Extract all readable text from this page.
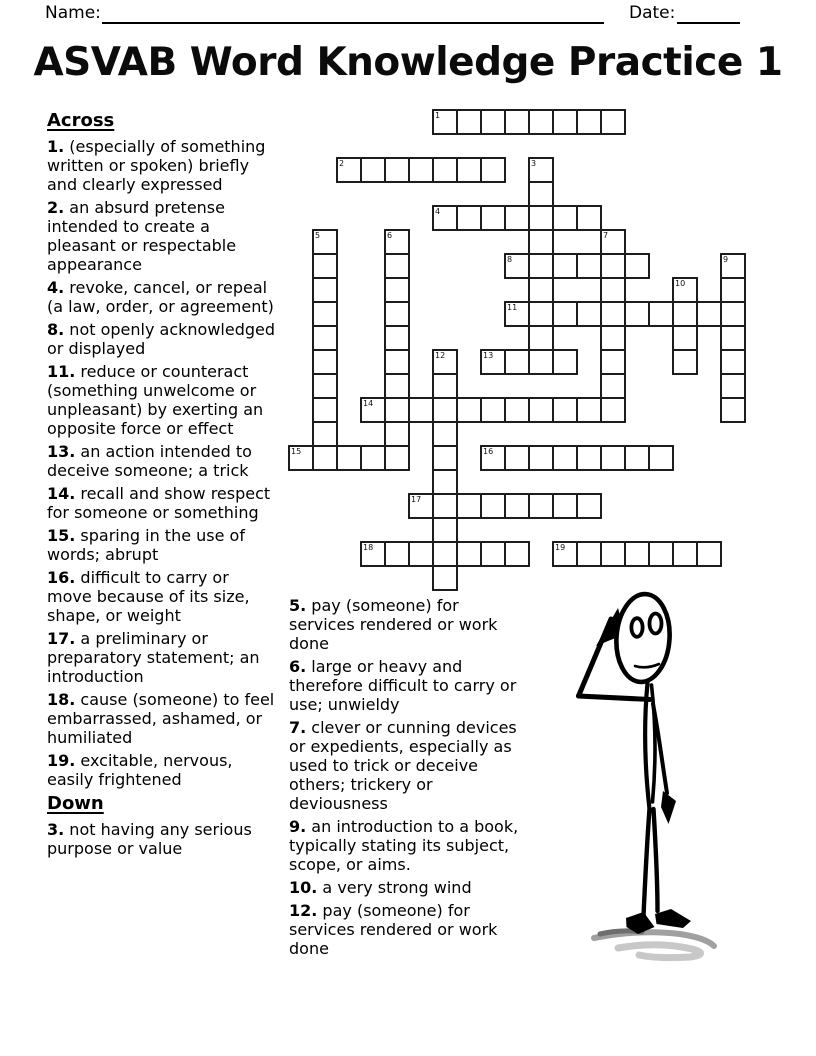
Name:	Date:
ASVAB Word Knowledge Practice 1
Across

1. (especially of something written or spoken) briefly and clearly expressed

2. an absurd pretense intended to create a pleasant or respectable appearance

4. revoke, cancel, or repeal (a law, order, or agreement)

8. not openly acknowledged or displayed

11. reduce or counteract (something unwelcome or unpleasant) by exerting an opposite force or effect

13. an action intended to deceive someone; a trick

14. recall and show respect for someone or something

15. sparing in the use of words; abrupt

16. difficult to carry or move because of its size, shape, or weight

17. a preliminary or preparatory statement; an introduction

18. cause (someone) to feel embarrassed, ashamed, or humiliated

19. excitable, nervous, easily frightened

Down

3. not having any serious purpose or value

5. pay (someone) for services rendered or work done

6. large or heavy and therefore difficult to carry or use; unwieldy

7. clever or cunning devices or expedients, especially as used to trick or deceive others; trickery or deviousness

9. an introduction to a book, typically stating its subject, scope, or aims.

10. a very strong wind

12. pay (someone) for services rendered or work done

1
2	3
4
5	6	7
8	9
10
11
12	13
14
15	16
17
18	19
